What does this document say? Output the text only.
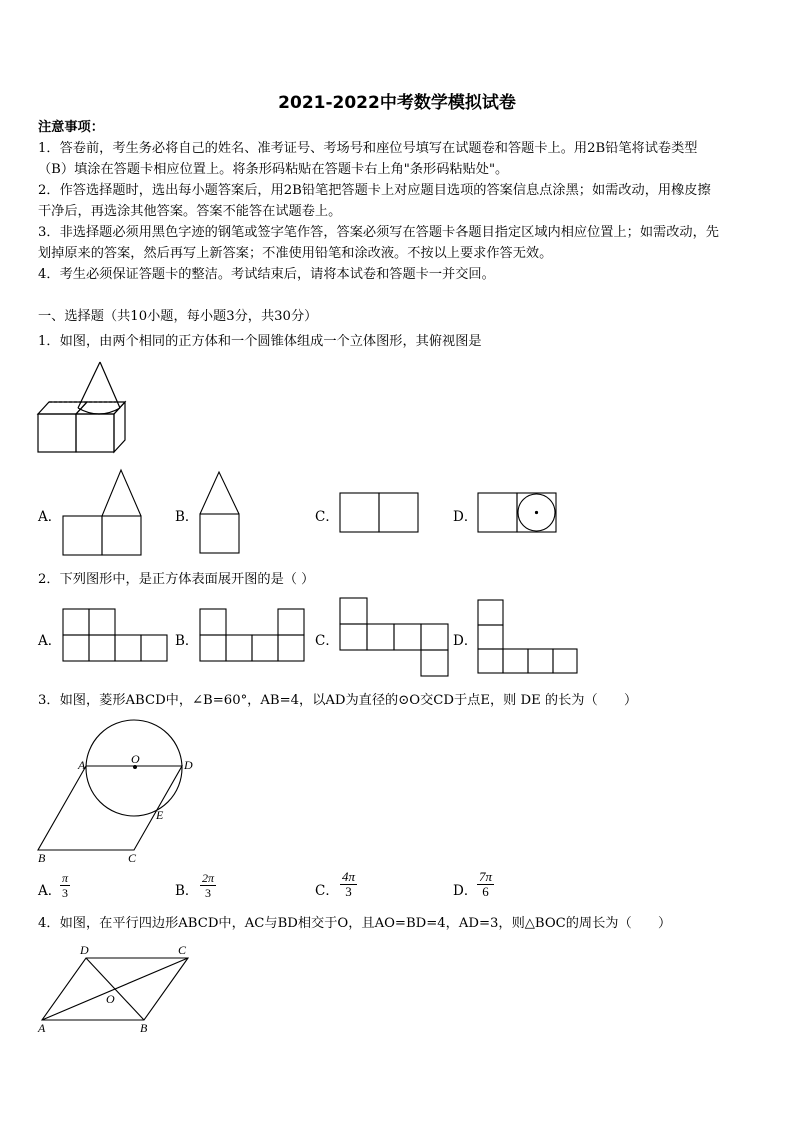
2021-2022中考数学模拟试卷
注意事项：
1．答卷前，考生务必将自己的姓名、准考证号、考场号和座位号填写在试题卷和答题卡上。用2B铅笔将试卷类型
（B）填涂在答题卡相应位置上。将条形码粘贴在答题卡右上角"条形码粘贴处"。
2．作答选择题时，选出每小题答案后，用2B铅笔把答题卡上对应题目选项的答案信息点涂黑；如需改动，用橡皮擦
干净后，再选涂其他答案。答案不能答在试题卷上。
3．非选择题必须用黑色字迹的钢笔或签字笔作答，答案必须写在答题卡各题目指定区域内相应位置上；如需改动，先
划掉原来的答案，然后再写上新答案；不准使用铅笔和涂改液。不按以上要求作答无效。
4．考生必须保证答题卡的整洁。考试结束后，请将本试卷和答题卡一并交回。
一、选择题（共10小题，每小题3分，共30分）
1．如图，由两个相同的正方体和一个圆锥体组成一个立体图形，其俯视图是
A．	B．	C．	D．
2．下列图形中，是正方体表面展开图的是（ ）
A．	B．	C．	D．
3．如图，菱形ABCD中，∠B=60°，AB=4，以AD为直径的⊙O交CD于点E，则 DE 的长为（　　）
A	O	D
E
B	C
A．
$\frac{\pi}{3}$	B． $\frac{2\pi}{3}$	C． $\frac{4\pi}{3}$	D． $\frac{7\pi}{6}$
4．如图，在平行四边形ABCD中，AC与BD相交于O，且AO=BD=4，AD=3，则△BOC的周长为（　　）
D	C
O
A	B
